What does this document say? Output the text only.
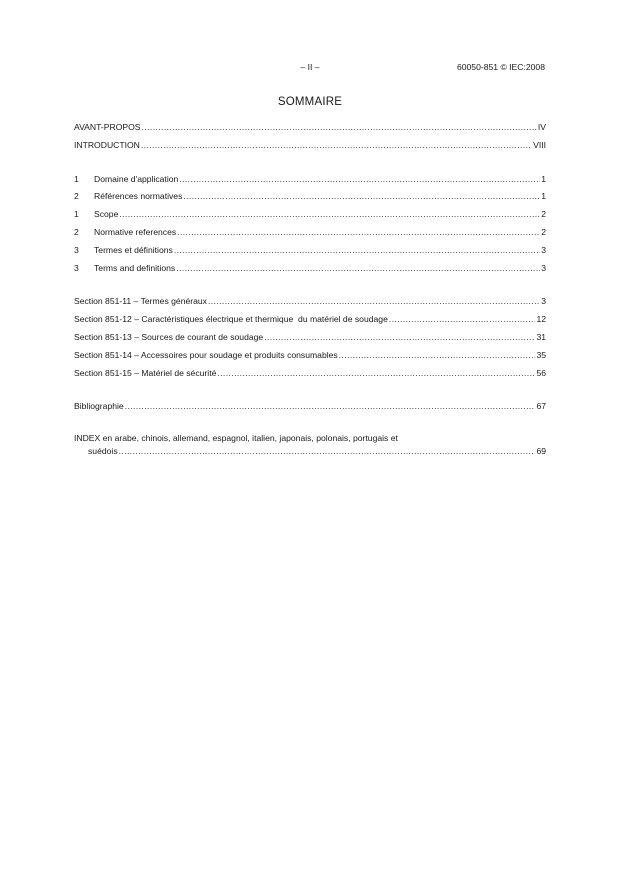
– II –	60050-851 © IEC:2008
SOMMAIRE
AVANT-PROPOS .....	IV
INTRODUCTION .....	VIII
1	Domaine d'application .....	1
2	Références normatives .....	1
1	Scope .....	2
2	Normative references .....	2
3	Termes et définitions .....	3
3	Terms and definitions .....	3
Section 851-11 – Termes généraux .....	3
Section 851-12 – Caractéristiques électrique et thermique  du matériel de soudage .....	12
Section 851-13 – Sources de courant de soudage .....	31
Section 851-14 – Accessoires pour soudage et produits consumables .....	35
Section 851-15 – Matériel de sécurité .....	56
Bibliographie .....	67
INDEX en arabe, chinois, allemand, espagnol, italien, japonais, polonais, portugais et
suédois .....	69
